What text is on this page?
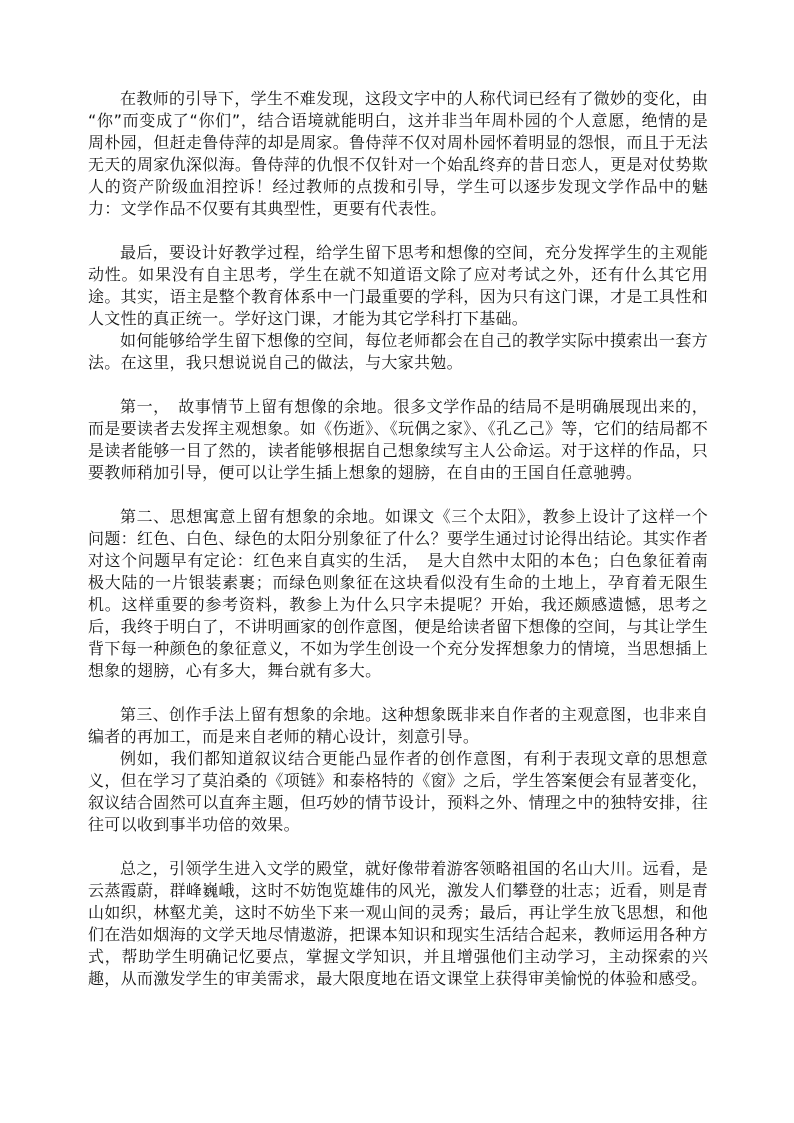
在教师的引导下，学生不难发现，这段文字中的人称代词已经有了微妙的变化，由“你”而变成了“你们”，结合语境就能明白，这并非当年周朴园的个人意愿，绝情的是周朴园，但赶走鲁侍萍的却是周家。鲁侍萍不仅对周朴园怀着明显的怨恨，而且于无法无天的周家仇深似海。鲁侍萍的仇恨不仅针对一个始乱终弃的昔日恋人，更是对仗势欺人的资产阶级血泪控诉！经过教师的点拨和引导，学生可以逐步发现文学作品中的魅力：文学作品不仅要有其典型性，更要有代表性。

最后，要设计好教学过程，给学生留下思考和想像的空间，充分发挥学生的主观能动性。如果没有自主思考，学生在就不知道语文除了应对考试之外，还有什么其它用途。其实，语主是整个教育体系中一门最重要的学科，因为只有这门课，才是工具性和人文性的真正统一。学好这门课，才能为其它学科打下基础。

如何能够给学生留下想像的空间，每位老师都会在自己的教学实际中摸索出一套方法。在这里，我只想说说自己的做法，与大家共勉。

第一，　故事情节上留有想像的余地。很多文学作品的结局不是明确展现出来的，而是要读者去发挥主观想象。如《伤逝》、《玩偶之家》、《孔乙己》等，它们的结局都不是读者能够一目了然的，读者能够根据自己想象续写主人公命运。对于这样的作品，只要教师稍加引导，便可以让学生插上想象的翅膀，在自由的王国自任意驰骋。

第二、思想寓意上留有想象的余地。如课文《三个太阳》，教参上设计了这样一个问题：红色、白色、绿色的太阳分别象征了什么？要学生通过讨论得出结论。其实作者对这个问题早有定论：红色来自真实的生活，　是大自然中太阳的本色；白色象征着南极大陆的一片银装素裹；而绿色则象征在这块看似没有生命的土地上，孕育着无限生机。这样重要的参考资料，教参上为什么只字未提呢？开始，我还颇感遗憾，思考之后，我终于明白了，不讲明画家的创作意图，便是给读者留下想像的空间，与其让学生背下每一种颜色的象征意义，不如为学生创设一个充分发挥想象力的情境，当思想插上想象的翅膀，心有多大，舞台就有多大。

第三、创作手法上留有想象的余地。这种想象既非来自作者的主观意图，也非来自编者的再加工，而是来自老师的精心设计，刻意引导。

例如，我们都知道叙议结合更能凸显作者的创作意图，有利于表现文章的思想意义，但在学习了莫泊桑的《项链》和泰格特的《窗》之后，学生答案便会有显著变化，叙议结合固然可以直奔主题，但巧妙的情节设计，预料之外、情理之中的独特安排，往往可以收到事半功倍的效果。

总之，引领学生进入文学的殿堂，就好像带着游客领略祖国的名山大川。远看，是云蒸霞蔚，群峰巍峨，这时不妨饱览雄伟的风光，激发人们攀登的壮志；近看，则是青山如织，林壑尤美，这时不妨坐下来一观山间的灵秀；最后，再让学生放飞思想，和他们在浩如烟海的文学天地尽情遨游，把课本知识和现实生活结合起来，教师运用各种方式，帮助学生明确记忆要点，掌握文学知识，并且增强他们主动学习，主动探索的兴趣，从而激发学生的审美需求，最大限度地在语文课堂上获得审美愉悦的体验和感受。
